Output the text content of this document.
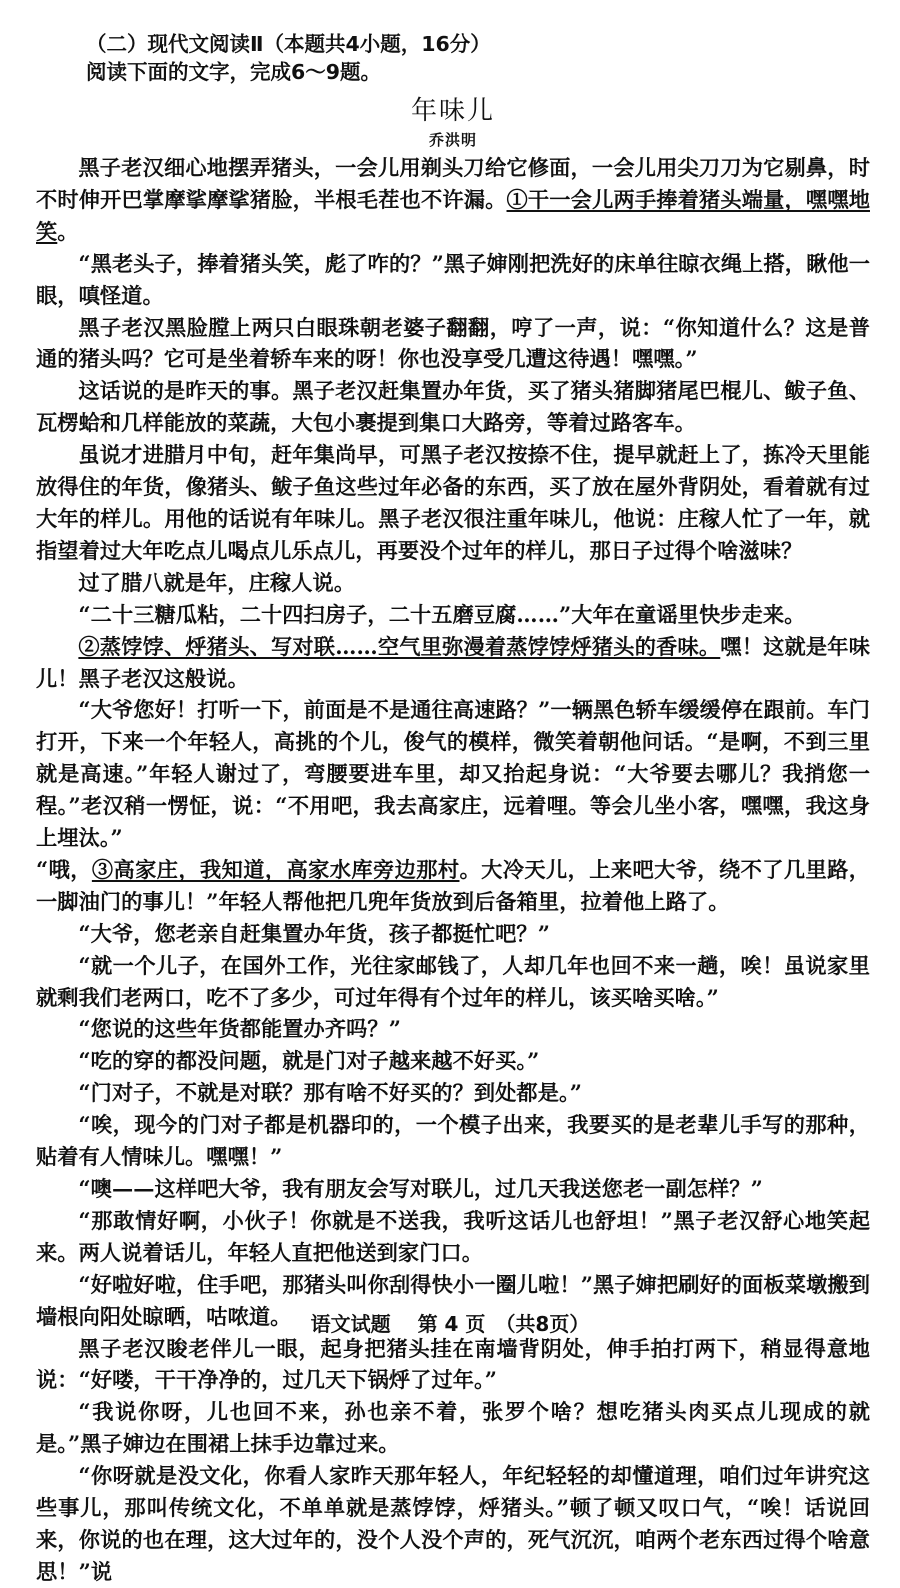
（二）现代文阅读Ⅱ（本题共4小题，16分）
阅读下面的文字，完成6～9题。
年味儿
乔洪明

黑子老汉细心地摆弄猪头，一会儿用剃头刀给它修面，一会儿用尖刀刀为它剔鼻，时不时伸开巴掌摩挲摩挲猪脸，半根毛茬也不许漏。①干一会儿两手捧着猪头端量，嘿嘿地笑。

“黑老头子，捧着猪头笑，彪了咋的？”黑子婶刚把洗好的床单往晾衣绳上搭，瞅他一眼，嗔怪道。

黑子老汉黑脸膛上两只白眼珠朝老婆子翻翻，哼了一声，说：“你知道什么？这是普通的猪头吗？它可是坐着轿车来的呀！你也没享受几遭这待遇！嘿嘿。”

这话说的是昨天的事。黑子老汉赶集置办年货，买了猪头猪脚猪尾巴棍儿、鲅子鱼、瓦楞蛤和几样能放的菜蔬，大包小裹提到集口大路旁，等着过路客车。

虽说才进腊月中旬，赶年集尚早，可黑子老汉按捺不住，提早就赶上了，拣冷天里能放得住的年货，像猪头、鲅子鱼这些过年必备的东西，买了放在屋外背阴处，看着就有过大年的样儿。用他的话说有年味儿。黑子老汉很注重年味儿，他说：庄稼人忙了一年，就指望着过大年吃点儿喝点儿乐点儿，再要没个过年的样儿，那日子过得个啥滋味？

过了腊八就是年，庄稼人说。

“二十三糖瓜粘，二十四扫房子，二十五磨豆腐……”大年在童谣里快步走来。

②蒸饽饽、烀猪头、写对联……空气里弥漫着蒸饽饽烀猪头的香味。嘿！这就是年味儿！黑子老汉这般说。

“大爷您好！打听一下，前面是不是通往高速路？”一辆黑色轿车缓缓停在跟前。车门打开，下来一个年轻人，高挑的个儿，俊气的模样，微笑着朝他问话。“是啊，不到三里就是高速。”年轻人谢过了，弯腰要进车里，却又抬起身说：“大爷要去哪儿？我捎您一程。”老汉稍一愣怔，说：“不用吧，我去高家庄，远着哩。等会儿坐小客，嘿嘿，我这身上埋汰。”

“哦，③高家庄，我知道，高家水库旁边那村。大冷天儿，上来吧大爷，绕不了几里路，一脚油门的事儿！”年轻人帮他把几兜年货放到后备箱里，拉着他上路了。

“大爷，您老亲自赶集置办年货，孩子都挺忙吧？”

“就一个儿子，在国外工作，光往家邮钱了，人却几年也回不来一趟，唉！虽说家里就剩我们老两口，吃不了多少，可过年得有个过年的样儿，该买啥买啥。”

“您说的这些年货都能置办齐吗？”

“吃的穿的都没问题，就是门对子越来越不好买。”

“门对子，不就是对联？那有啥不好买的？到处都是。”

“唉，现今的门对子都是机器印的，一个模子出来，我要买的是老辈儿手写的那种，贴着有人情味儿。嘿嘿！”

“噢——这样吧大爷，我有朋友会写对联儿，过几天我送您老一副怎样？”

“那敢情好啊，小伙子！你就是不送我，我听这话儿也舒坦！”黑子老汉舒心地笑起来。两人说着话儿，年轻人直把他送到家门口。

“好啦好啦，住手吧，那猪头叫你刮得快小一圈儿啦！”黑子婶把刷好的面板菜墩搬到墙根向阳处晾晒，咕哝道。

黑子老汉睃老伴儿一眼，起身把猪头挂在南墙背阴处，伸手拍打两下，稍显得意地说：“好喽，干干净净的，过几天下锅烀了过年。”

“我说你呀，儿也回不来，孙也亲不着，张罗个啥？想吃猪头肉买点儿现成的就是。”黑子婶边在围裙上抹手边靠过来。

“你呀就是没文化，你看人家昨天那年轻人，年纪轻轻的却懂道理，咱们过年讲究这些事儿，那叫传统文化，不单单就是蒸饽饽，烀猪头。”顿了顿又叹口气，“唉！话说回来，你说的也在理，这大过年的，没个人没个声的，死气沉沉，咱两个老东西过得个啥意思！”说

语文试题 第 4 页 （共8页）
